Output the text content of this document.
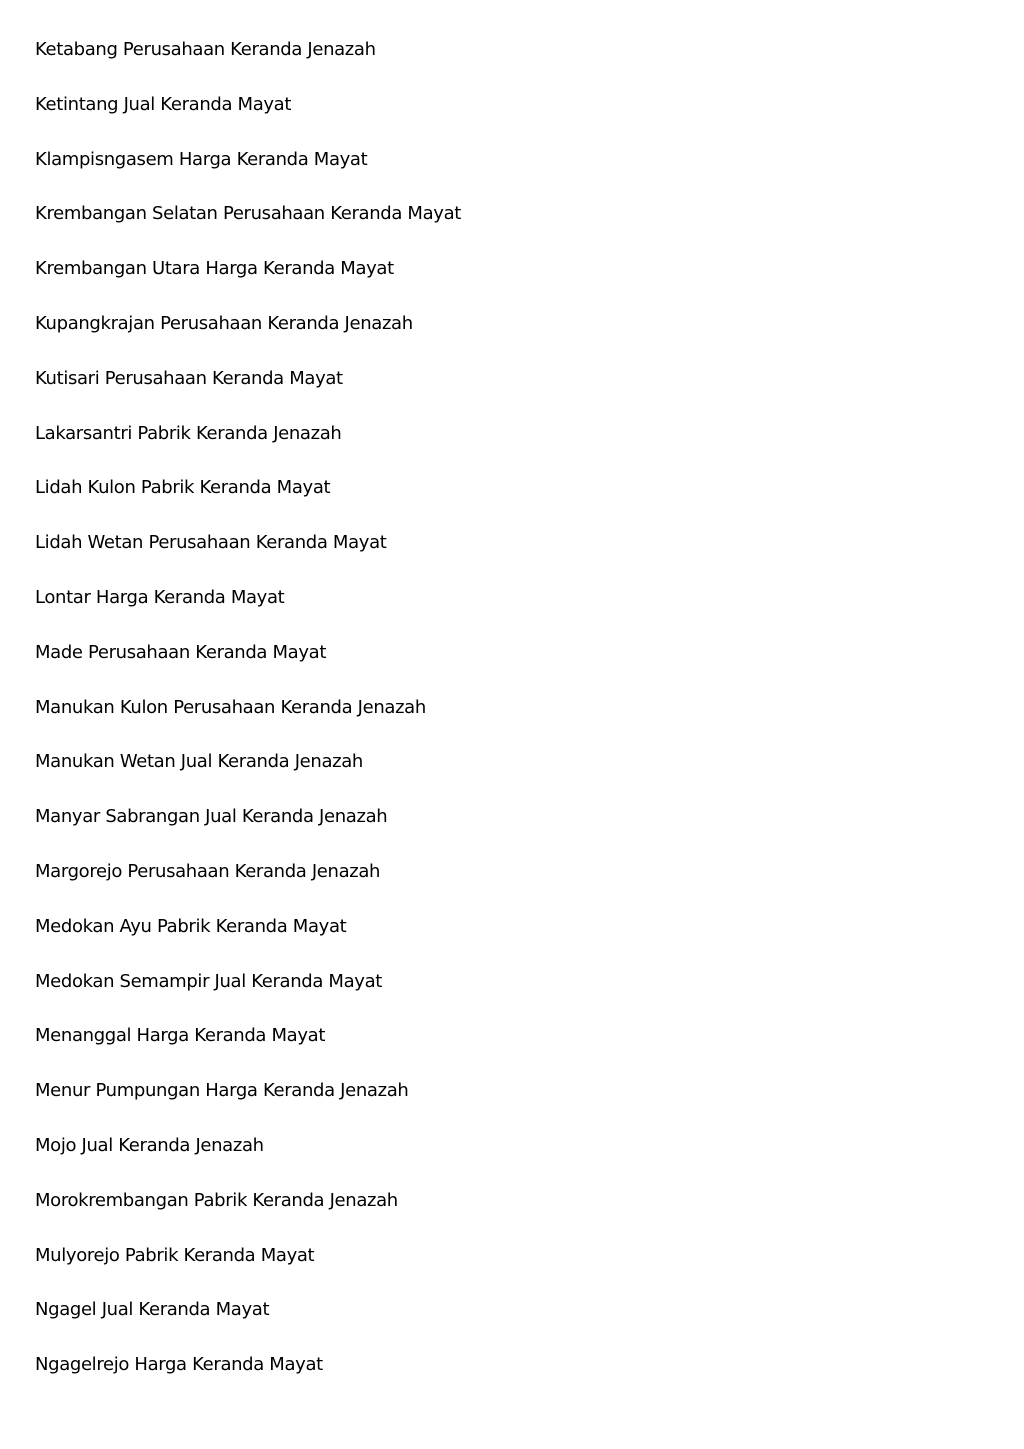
Ketabang Perusahaan Keranda Jenazah
Ketintang Jual Keranda Mayat
Klampisngasem Harga Keranda Mayat
Krembangan Selatan Perusahaan Keranda Mayat
Krembangan Utara Harga Keranda Mayat
Kupangkrajan Perusahaan Keranda Jenazah
Kutisari Perusahaan Keranda Mayat
Lakarsantri Pabrik Keranda Jenazah
Lidah Kulon Pabrik Keranda Mayat
Lidah Wetan Perusahaan Keranda Mayat
Lontar Harga Keranda Mayat
Made Perusahaan Keranda Mayat
Manukan Kulon Perusahaan Keranda Jenazah
Manukan Wetan Jual Keranda Jenazah
Manyar Sabrangan Jual Keranda Jenazah
Margorejo Perusahaan Keranda Jenazah
Medokan Ayu Pabrik Keranda Mayat
Medokan Semampir Jual Keranda Mayat
Menanggal Harga Keranda Mayat
Menur Pumpungan Harga Keranda Jenazah
Mojo Jual Keranda Jenazah
Morokrembangan Pabrik Keranda Jenazah
Mulyorejo Pabrik Keranda Mayat
Ngagel Jual Keranda Mayat
Ngagelrejo Harga Keranda Mayat
